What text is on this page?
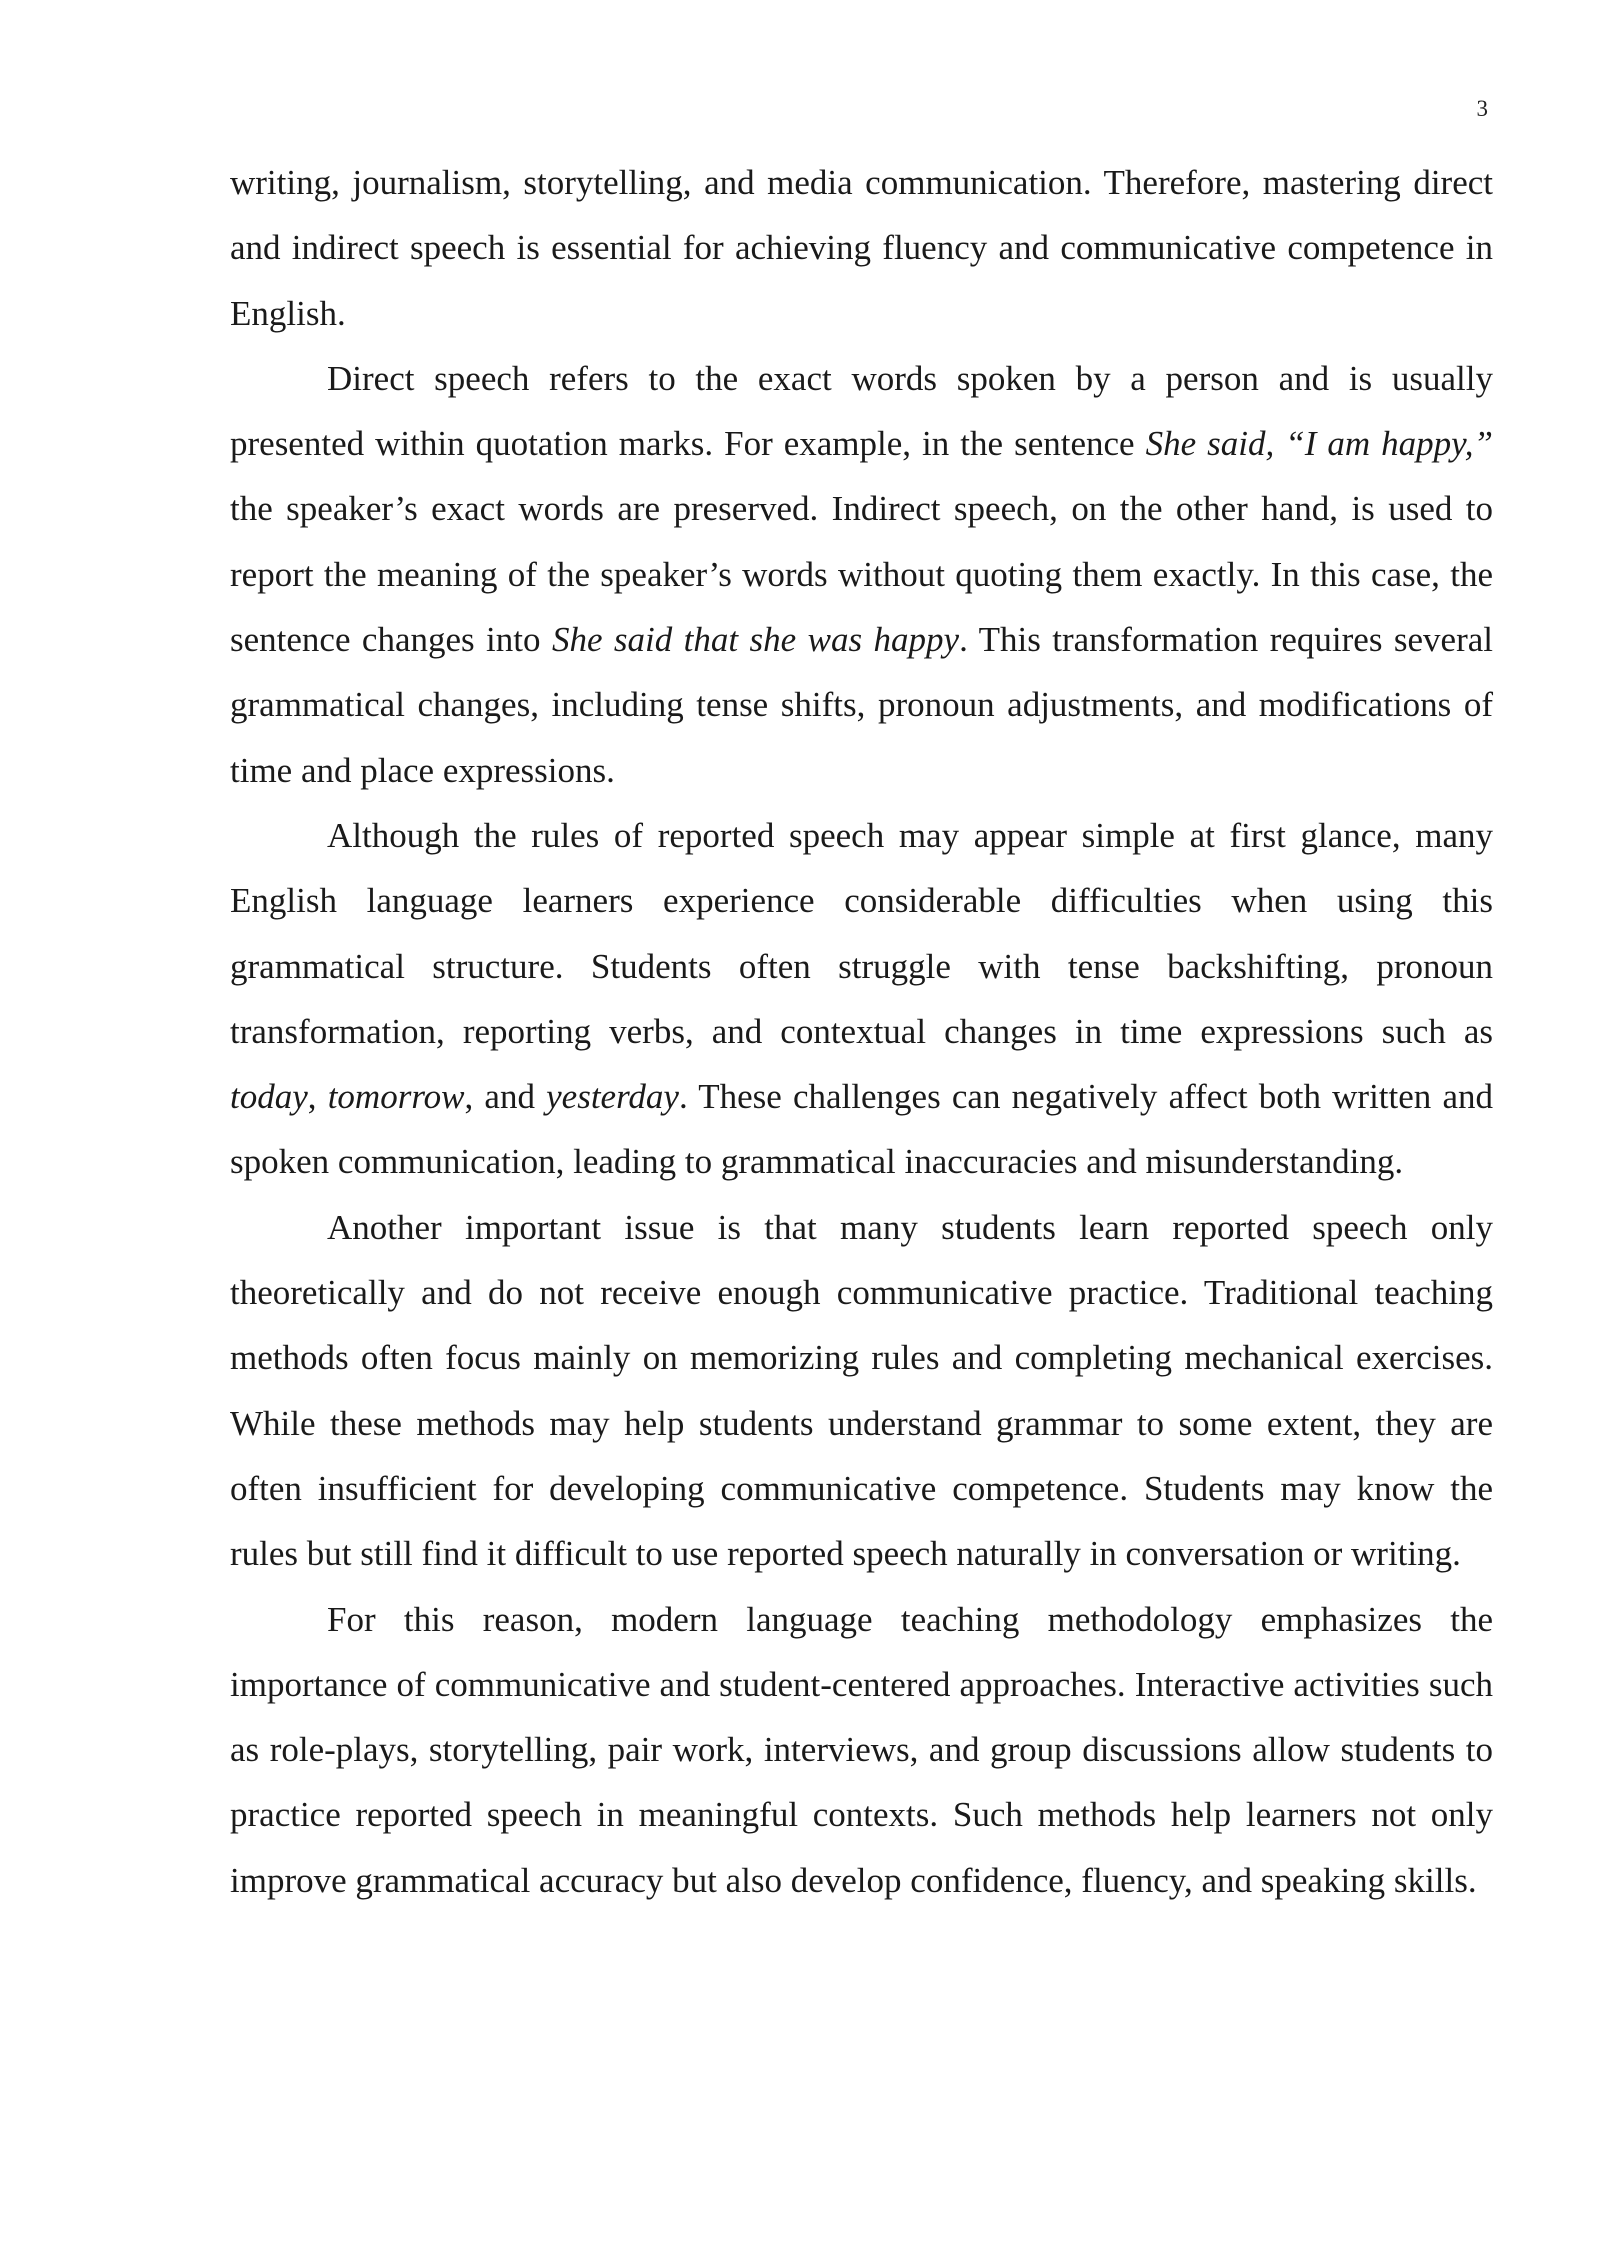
3

writing, journalism, storytelling, and media communication. Therefore, mastering direct and indirect speech is essential for achieving fluency and communicative competence in English.

Direct speech refers to the exact words spoken by a person and is usually presented within quotation marks. For example, in the sentence She said, “I am happy,” the speaker’s exact words are preserved. Indirect speech, on the other hand, is used to report the meaning of the speaker’s words without quoting them exactly. In this case, the sentence changes into She said that she was happy. This transformation requires several grammatical changes, including tense shifts, pronoun adjustments, and modifications of time and place expressions.

Although the rules of reported speech may appear simple at first glance, many English language learners experience considerable difficulties when using this grammatical structure. Students often struggle with tense backshifting, pronoun transformation, reporting verbs, and contextual changes in time expressions such as today, tomorrow, and yesterday. These challenges can negatively affect both written and spoken communication, leading to grammatical inaccuracies and misunderstanding.

Another important issue is that many students learn reported speech only theoretically and do not receive enough communicative practice. Traditional teaching methods often focus mainly on memorizing rules and completing mechanical exercises. While these methods may help students understand grammar to some extent, they are often insufficient for developing communicative competence. Students may know the rules but still find it difficult to use reported speech naturally in conversation or writing.

For this reason, modern language teaching methodology emphasizes the importance of communicative and student-centered approaches. Interactive activities such as role-plays, storytelling, pair work, interviews, and group discussions allow students to practice reported speech in meaningful contexts. Such methods help learners not only improve grammatical accuracy but also develop confidence, fluency, and speaking skills.
